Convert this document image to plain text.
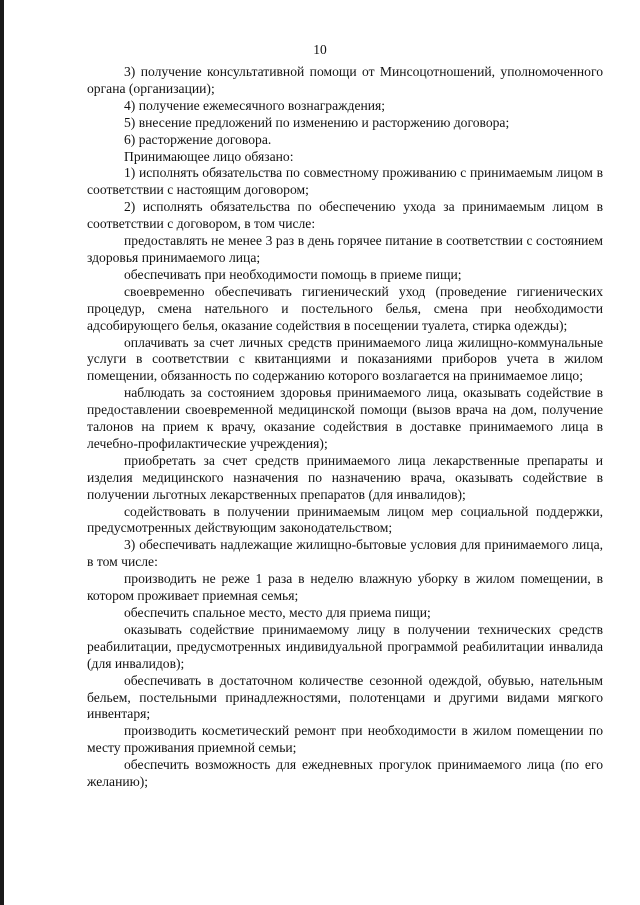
10

3) получение консультативной помощи от Минсоцотношений, уполномоченного органа (организации);

4) получение ежемесячного вознаграждения;

5) внесение предложений по изменению и расторжению договора;

6) расторжение договора.

Принимающее лицо обязано:

1) исполнять обязательства по совместному проживанию с принимаемым лицом в соответствии с настоящим договором;

2) исполнять обязательства по обеспечению ухода за принимаемым лицом в соответствии с договором, в том числе:

предоставлять не менее 3 раз в день горячее питание в соответствии с состоянием здоровья принимаемого лица;

обеспечивать при необходимости помощь в приеме пищи;

своевременно обеспечивать гигиенический уход (проведение гигиенических процедур, смена нательного и постельного белья, смена при необходимости адсобирующего белья, оказание содействия в посещении туалета, стирка одежды);

оплачивать за счет личных средств принимаемого лица жилищно-коммунальные услуги в соответствии с квитанциями и показаниями приборов учета в жилом помещении, обязанность по содержанию которого возлагается на принимаемое лицо;

наблюдать за состоянием здоровья принимаемого лица, оказывать содействие в предоставлении своевременной медицинской помощи (вызов врача на дом, получение талонов на прием к врачу, оказание содействия в доставке принимаемого лица в лечебно-профилактические учреждения);

приобретать за счет средств принимаемого лица лекарственные препараты и изделия медицинского назначения по назначению врача, оказывать содействие в получении льготных лекарственных препаратов (для инвалидов);

содействовать в получении принимаемым лицом мер социальной поддержки, предусмотренных действующим законодательством;

3) обеспечивать надлежащие жилищно-бытовые условия для принимаемого лица, в том числе:

производить не реже 1 раза в неделю влажную уборку в жилом помещении, в котором проживает приемная семья;

обеспечить спальное место, место для приема пищи;

оказывать содействие принимаемому лицу в получении технических средств реабилитации, предусмотренных индивидуальной программой реабилитации инвалида (для инвалидов);

обеспечивать в достаточном количестве сезонной одеждой, обувью, нательным бельем, постельными принадлежностями, полотенцами и другими видами мягкого инвентаря;

производить косметический ремонт при необходимости в жилом помещении по месту проживания приемной семьи;

обеспечить возможность для ежедневных прогулок принимаемого лица (по его желанию);
